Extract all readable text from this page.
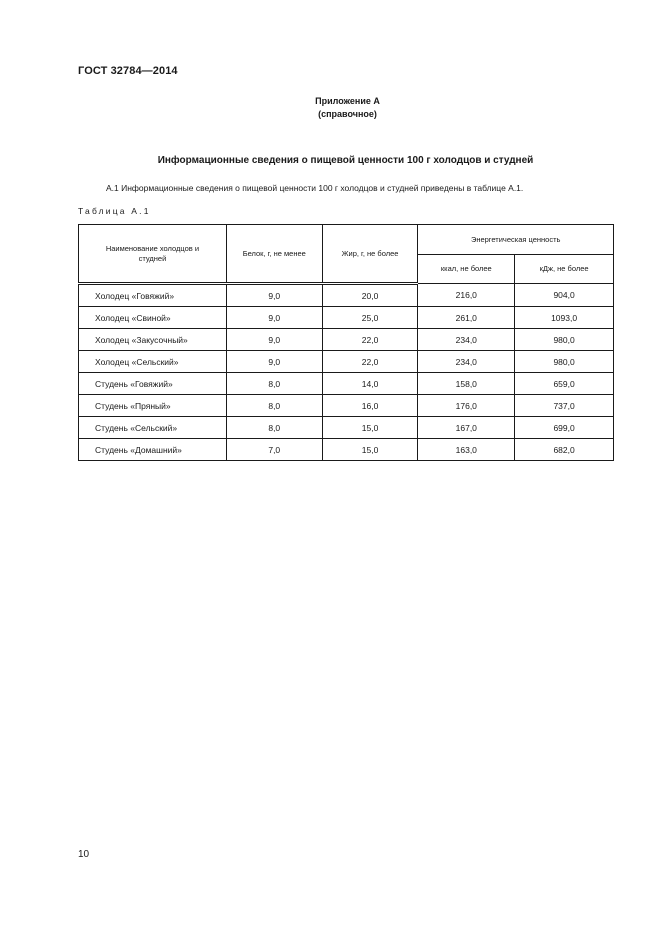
ГОСТ 32784—2014
Приложение А
(справочное)
Информационные сведения о пищевой ценности 100 г холодцов и студней
А.1 Информационные сведения о пищевой ценности 100 г холодцов и студней приведены в таблице А.1.
Таблица А.1
Наименование холодцов и студней	Белок, г, не менее	Жир, г, не более	Энергетическая ценность	
			ккал, не более	кДж, не более
Холодец «Говяжий»	9,0	20,0	216,0	904,0
Холодец «Свиной»	9,0	25,0	261,0	1093,0
Холодец «Закусочный»	9,0	22,0	234,0	980,0
Холодец «Сельский»	9,0	22,0	234,0	980,0
Студень «Говяжий»	8,0	14,0	158,0	659,0
Студень «Пряный»	8,0	16,0	176,0	737,0
Студень «Сельский»	8,0	15,0	167,0	699,0
Студень «Домашний»	7,0	15,0	163,0	682,0
10
